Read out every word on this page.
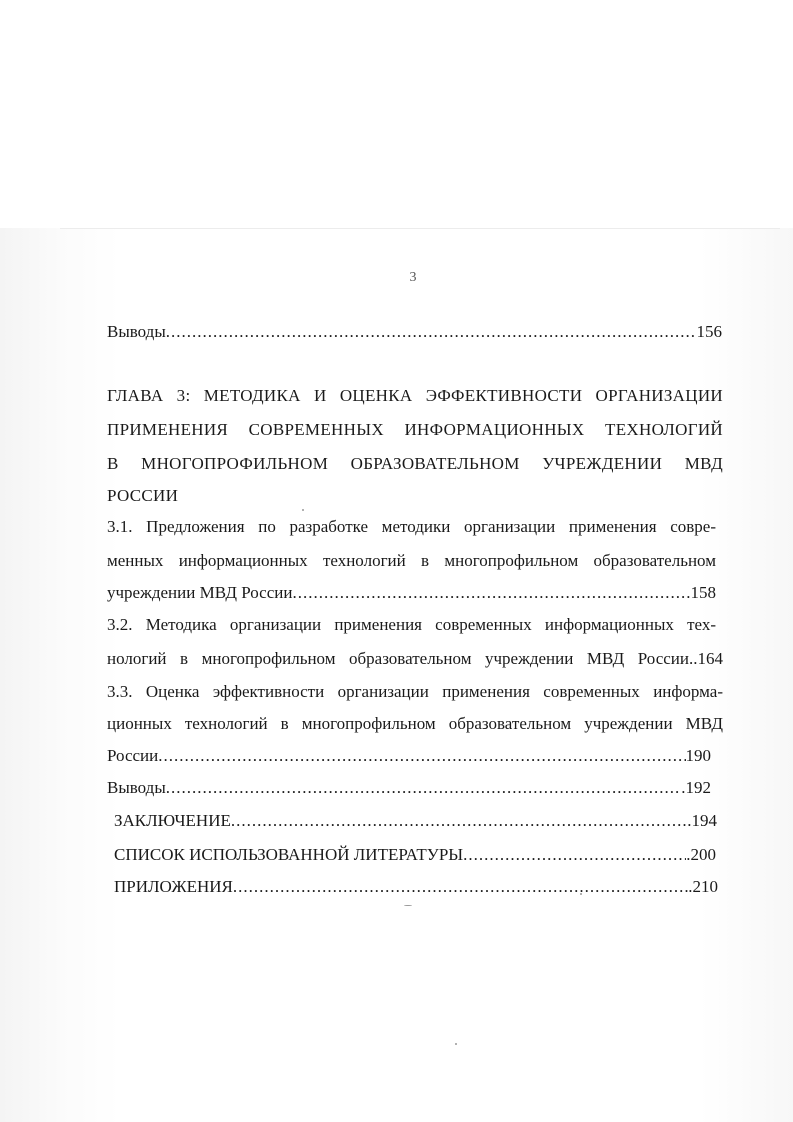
3
Выводы .....	156
ГЛАВА 3: МЕТОДИКА И ОЦЕНКА ЭФФЕКТИВНОСТИ ОРГАНИЗАЦИИ
ПРИМЕНЕНИЯ СОВРЕМЕННЫХ ИНФОРМАЦИОННЫХ ТЕХНОЛОГИЙ
В МНОГОПРОФИЛЬНОМ ОБРАЗОВАТЕЛЬНОМ УЧРЕЖДЕНИИ МВД
РОССИИ
3.1. Предложения по разработке методики организации применения совре-
менных информационных технологий в многопрофильном образовательном
учреждении МВД России .....	.158
3.2. Методика организации применения современных информационных тех-
нологий в многопрофильном образовательном учреждении МВД России..164
3.3. Оценка эффективности организации применения современных информа-
ционных технологий в многопрофильном образовательном учреждении МВД
России .....	190
Выводы .....	.192
ЗАКЛЮЧЕНИЕ .....	.194
СПИСОК ИСПОЛЬЗОВАННОЙ ЛИТЕРАТУРЫ .....	.200
ПРИЛОЖЕНИЯ .....	.210
